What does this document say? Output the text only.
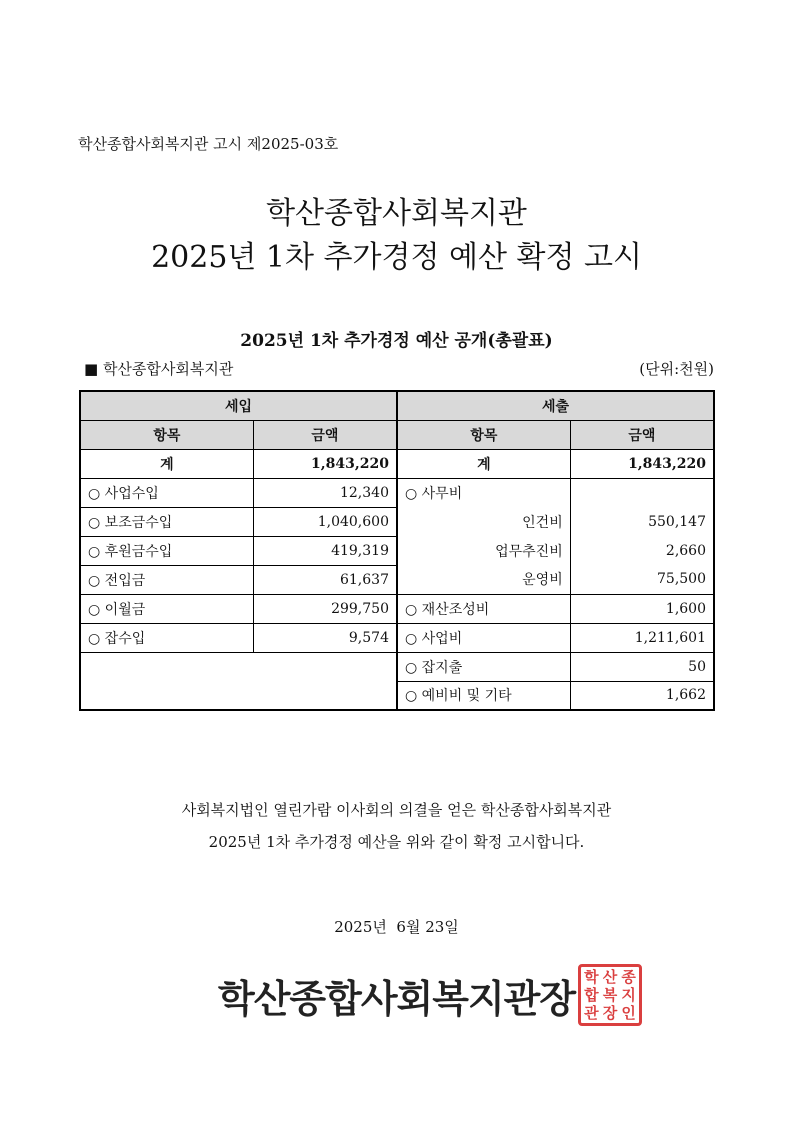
학산종합사회복지관 고시 제2025-03호
학산종합사회복지관
2025년 1차 추가경정 예산 확정 고시
2025년 1차 추가경정 예산 공개(총괄표)
■ 학산종합사회복지관	(단위:천원)
세입		세출	
항목	금액	항목	금액
계	1,843,220	계	1,843,220
○ 사업수입	12,340	○ 사무비	
○ 보조금수입	1,040,600	인건비	550,147
○ 후원금수입	419,319	업무추진비	2,660
○ 전입금	61,637	운영비	75,500
○ 이월금	299,750	○ 재산조성비	1,600
○ 잡수입	9,574	○ 사업비	1,211,601
		○ 잡지출	50
		○ 예비비 및 기타	1,662
사회복지법인 열린가람 이사회의 의결을 얻은 학산종합사회복지관
2025년 1차 추가경정 예산을 위와 같이 확정 고시합니다.
2025년  6월 23일
학산종합사회복지관장 학 산 종
합 복 지
관 장 인
